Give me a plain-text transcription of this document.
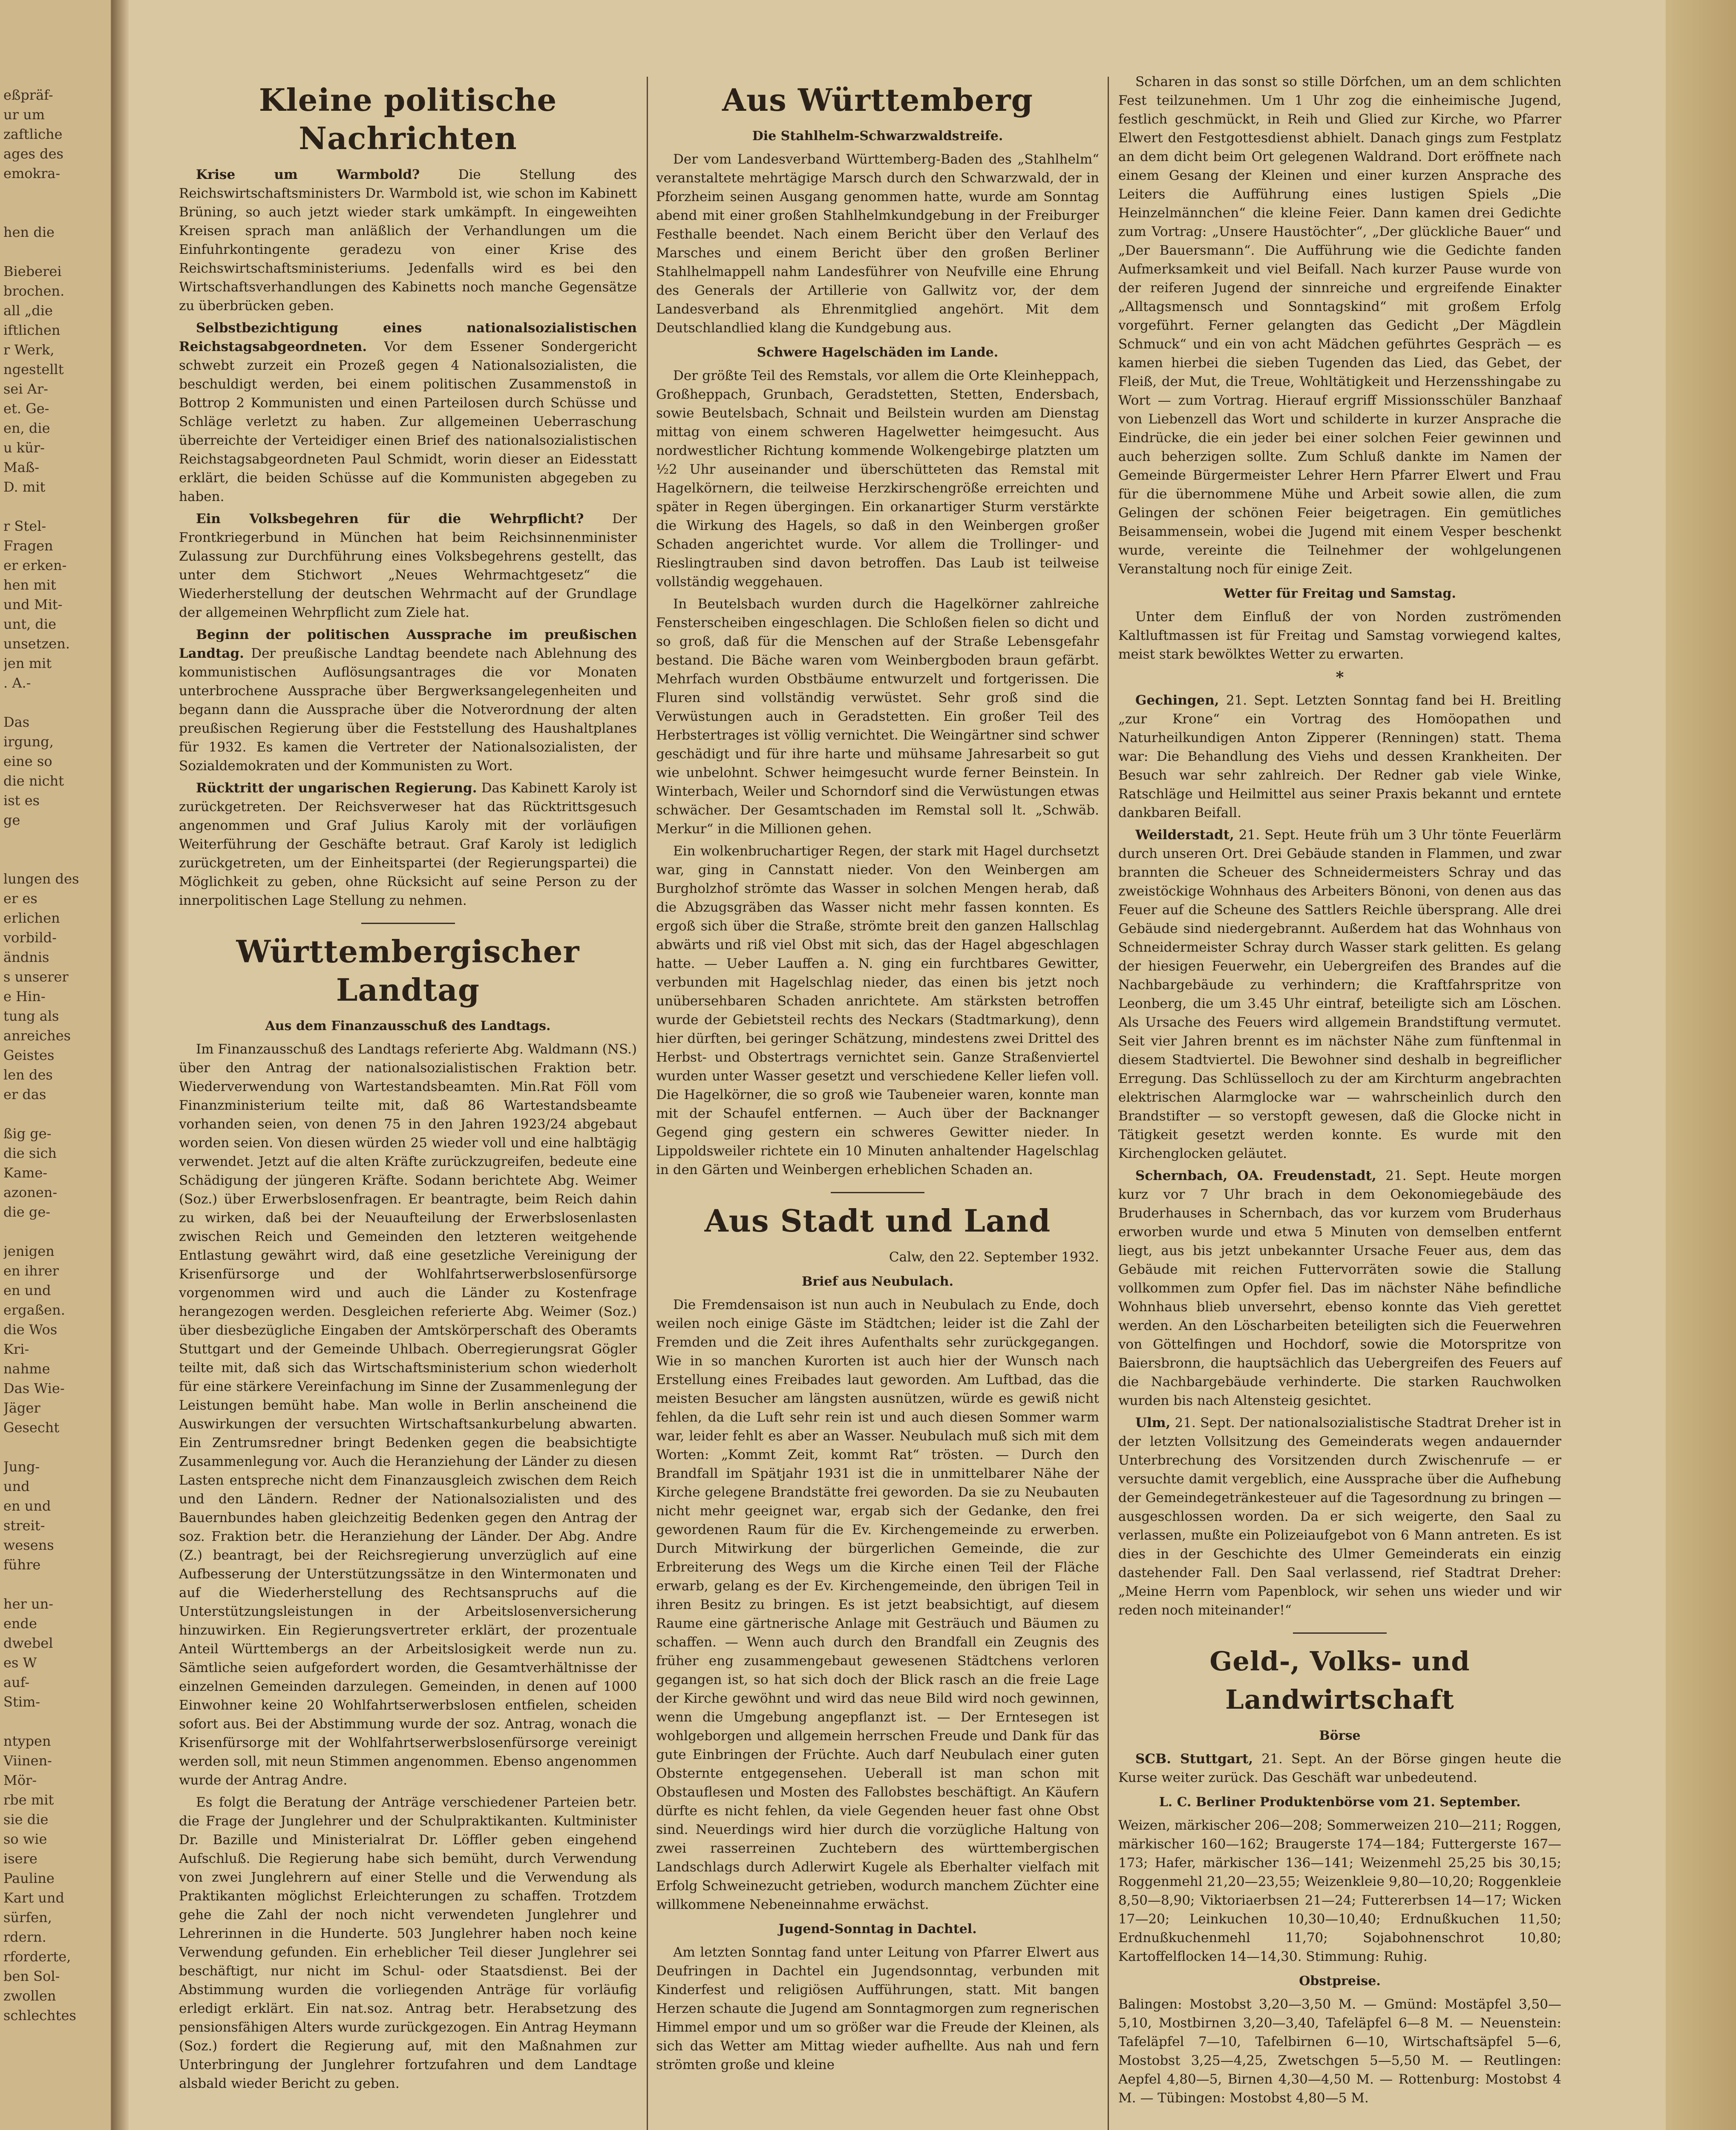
eßpräf-
ur um
zaftliche
ages des
emokra-

hen die

Bieberei
brochen.
all „die
iftlichen
r Werk,
ngestellt
sei Ar-
et. Ge-
en, die
u kür-
Maß-
D. mit

r Stel-
Fragen
er erken-
hen mit
und Mit-
unt, die
unsetzen.
jen mit
. A.-

Das
irgung,
eine so
die nicht
ist es
ge

lungen des
er es
erlichen
vorbild-
ändnis
s unserer
e Hin-
tung als
anreiches
Geistes
len des
er das

ßig ge-
die sich
Kame-
azonen-
die ge-

jenigen
en ihrer
en und
ergaßen.
die Wos
Kri-
nahme
Das Wie-
Jäger
Gesecht

Jung-
und
en und
streit-
wesens
führe

her un-
ende
dwebel
es W
auf-
Stim-

ntypen
Viinen-
Mör-
rbe mit
sie die
so wie
isere
Pauline
Kart und
sürfen,
rdern.
rforderte,
ben Sol-
zwollen
schlechtes
Kleine politische Nachrichten

Krise um Warmbold? Die Stellung des Reichswirtschaftsministers Dr. Warmbold ist, wie schon im Kabinett Brüning, so auch jetzt wieder stark umkämpft. In eingeweihten Kreisen sprach man anläßlich der Verhandlungen um die Einfuhrkontingente geradezu von einer Krise des Reichswirtschaftsministeriums. Jedenfalls wird es bei den Wirtschaftsverhandlungen des Kabinetts noch manche Gegensätze zu überbrücken geben.

Selbstbezichtigung eines nationalsozialistischen Reichstagsabgeordneten. Vor dem Essener Sondergericht schwebt zurzeit ein Prozeß gegen 4 Nationalsozialisten, die beschuldigt werden, bei einem politischen Zusammenstoß in Bottrop 2 Kommunisten und einen Parteilosen durch Schüsse und Schläge verletzt zu haben. Zur allgemeinen Ueberraschung überreichte der Verteidiger einen Brief des nationalsozialistischen Reichstagsabgeordneten Paul Schmidt, worin dieser an Eidesstatt erklärt, die beiden Schüsse auf die Kommunisten abgegeben zu haben.

Ein Volksbegehren für die Wehrpflicht? Der Frontkriegerbund in München hat beim Reichsinnenminister Zulassung zur Durchführung eines Volksbegehrens gestellt, das unter dem Stichwort „Neues Wehrmachtgesetz“ die Wiederherstellung der deutschen Wehrmacht auf der Grundlage der allgemeinen Wehrpflicht zum Ziele hat.

Beginn der politischen Aussprache im preußischen Landtag. Der preußische Landtag beendete nach Ablehnung des kommunistischen Auflösungsantrages die vor Monaten unterbrochene Aussprache über Bergwerksangelegenheiten und begann dann die Aussprache über die Notverordnung der alten preußischen Regierung über die Feststellung des Haushaltplanes für 1932. Es kamen die Vertreter der Nationalsozialisten, der Sozialdemokraten und der Kommunisten zu Wort.

Rücktritt der ungarischen Regierung. Das Kabinett Karoly ist zurückgetreten. Der Reichsverweser hat das Rücktrittsgesuch angenommen und Graf Julius Karoly mit der vorläufigen Weiterführung der Geschäfte betraut. Graf Karoly ist lediglich zurückgetreten, um der Einheitspartei (der Regierungspartei) die Möglichkeit zu geben, ohne Rücksicht auf seine Person zu der innerpolitischen Lage Stellung zu nehmen.

Württembergischer Landtag
Aus dem Finanzausschuß des Landtags.

Im Finanzausschuß des Landtags referierte Abg. Waldmann (NS.) über den Antrag der nationalsozialistischen Fraktion betr. Wiederverwendung von Wartestandsbeamten. Min.Rat Föll vom Finanzministerium teilte mit, daß 86 Wartestandsbeamte vorhanden seien, von denen 75 in den Jahren 1923/24 abgebaut worden seien. Von diesen würden 25 wieder voll und eine halbtägig verwendet. Jetzt auf die alten Kräfte zurückzugreifen, bedeute eine Schädigung der jüngeren Kräfte. Sodann berichtete Abg. Weimer (Soz.) über Erwerbslosenfragen. Er beantragte, beim Reich dahin zu wirken, daß bei der Neuaufteilung der Erwerbslosenlasten zwischen Reich und Gemeinden den letzteren weitgehende Entlastung gewährt wird, daß eine gesetzliche Vereinigung der Krisenfürsorge und der Wohlfahrtserwerbslosenfürsorge vorgenommen wird und auch die Länder zu Kostenfrage herangezogen werden. Desgleichen referierte Abg. Weimer (Soz.) über diesbezügliche Eingaben der Amtskörperschaft des Oberamts Stuttgart und der Gemeinde Uhlbach. Oberregierungsrat Gögler teilte mit, daß sich das Wirtschaftsministerium schon wiederholt für eine stärkere Vereinfachung im Sinne der Zusammenlegung der Leistungen bemüht habe. Man wolle in Berlin anscheinend die Auswirkungen der versuchten Wirtschaftsankurbelung abwarten. Ein Zentrumsredner bringt Bedenken gegen die beabsichtigte Zusammenlegung vor. Auch die Heranziehung der Länder zu diesen Lasten entspreche nicht dem Finanzausgleich zwischen dem Reich und den Ländern. Redner der Nationalsozialisten und des Bauernbundes haben gleichzeitig Bedenken gegen den Antrag der soz. Fraktion betr. die Heranziehung der Länder. Der Abg. Andre (Z.) beantragt, bei der Reichsregierung unverzüglich auf eine Aufbesserung der Unterstützungssätze in den Wintermonaten und auf die Wiederherstellung des Rechtsanspruchs auf die Unterstützungsleistungen in der Arbeitslosenversicherung hinzuwirken. Ein Regierungsvertreter erklärt, der prozentuale Anteil Württembergs an der Arbeitslosigkeit werde nun zu. Sämtliche seien aufgefordert worden, die Gesamtverhältnisse der einzelnen Gemeinden darzulegen. Gemeinden, in denen auf 1000 Einwohner keine 20 Wohlfahrtserwerbslosen entfielen, scheiden sofort aus. Bei der Abstimmung wurde der soz. Antrag, wonach die Krisenfürsorge mit der Wohlfahrtserwerbslosenfürsorge vereinigt werden soll, mit neun Stimmen angenommen. Ebenso angenommen wurde der Antrag Andre.

Es folgt die Beratung der Anträge verschiedener Parteien betr. die Frage der Junglehrer und der Schulpraktikanten. Kultminister Dr. Bazille und Ministerialrat Dr. Löffler geben eingehend Aufschluß. Die Regierung habe sich bemüht, durch Verwendung von zwei Junglehrern auf einer Stelle und die Verwendung als Praktikanten möglichst Erleichterungen zu schaffen. Trotzdem gehe die Zahl der noch nicht verwendeten Junglehrer und Lehrerinnen in die Hunderte. 503 Junglehrer haben noch keine Verwendung gefunden. Ein erheblicher Teil dieser Junglehrer sei beschäftigt, nur nicht im Schul- oder Staatsdienst. Bei der Abstimmung wurden die vorliegenden Anträge für vorläufig erledigt erklärt. Ein nat.soz. Antrag betr. Herabsetzung des pensionsfähigen Alters wurde zurückgezogen. Ein Antrag Heymann (Soz.) fordert die Regierung auf, mit den Maßnahmen zur Unterbringung der Junglehrer fortzufahren und dem Landtage alsbald wieder Bericht zu geben.

Aus Württemberg
Die Stahlhelm-Schwarzwaldstreife.

Der vom Landesverband Württemberg-Baden des „Stahlhelm“ veranstaltete mehrtägige Marsch durch den Schwarzwald, der in Pforzheim seinen Ausgang genommen hatte, wurde am Sonntag abend mit einer großen Stahlhelmkundgebung in der Freiburger Festhalle beendet. Nach einem Bericht über den Verlauf des Marsches und einem Bericht über den großen Berliner Stahlhelmappell nahm Landesführer von Neufville eine Ehrung des Generals der Artillerie von Gallwitz vor, der dem Landesverband als Ehrenmitglied angehört. Mit dem Deutschlandlied klang die Kundgebung aus.

Schwere Hagelschäden im Lande.

Der größte Teil des Remstals, vor allem die Orte Kleinheppach, Großheppach, Grunbach, Geradstetten, Stetten, Endersbach, sowie Beutelsbach, Schnait und Beilstein wurden am Dienstag mittag von einem schweren Hagelwetter heimgesucht. Aus nordwestlicher Richtung kommende Wolkengebirge platzten um ½2 Uhr auseinander und überschütteten das Remstal mit Hagelkörnern, die teilweise Herzkirschengröße erreichten und später in Regen übergingen. Ein orkanartiger Sturm verstärkte die Wirkung des Hagels, so daß in den Weinbergen großer Schaden angerichtet wurde. Vor allem die Trollinger- und Rieslingtrauben sind davon betroffen. Das Laub ist teilweise vollständig weggehauen.

In Beutelsbach wurden durch die Hagelkörner zahlreiche Fensterscheiben eingeschlagen. Die Schloßen fielen so dicht und so groß, daß für die Menschen auf der Straße Lebensgefahr bestand. Die Bäche waren vom Weinbergboden braun gefärbt. Mehrfach wurden Obstbäume entwurzelt und fortgerissen. Die Fluren sind vollständig verwüstet. Sehr groß sind die Verwüstungen auch in Geradstetten. Ein großer Teil des Herbstertrages ist völlig vernichtet. Die Weingärtner sind schwer geschädigt und für ihre harte und mühsame Jahresarbeit so gut wie unbelohnt. Schwer heimgesucht wurde ferner Beinstein. In Winterbach, Weiler und Schorndorf sind die Verwüstungen etwas schwächer. Der Gesamtschaden im Remstal soll lt. „Schwäb. Merkur“ in die Millionen gehen.

Ein wolkenbruchartiger Regen, der stark mit Hagel durchsetzt war, ging in Cannstatt nieder. Von den Weinbergen am Burgholzhof strömte das Wasser in solchen Mengen herab, daß die Abzugsgräben das Wasser nicht mehr fassen konnten. Es ergoß sich über die Straße, strömte breit den ganzen Hallschlag abwärts und riß viel Obst mit sich, das der Hagel abgeschlagen hatte. — Ueber Lauffen a. N. ging ein furchtbares Gewitter, verbunden mit Hagelschlag nieder, das einen bis jetzt noch unübersehbaren Schaden anrichtete. Am stärksten betroffen wurde der Gebietsteil rechts des Neckars (Stadtmarkung), denn hier dürften, bei geringer Schätzung, mindestens zwei Drittel des Herbst- und Obstertrags vernichtet sein. Ganze Straßenviertel wurden unter Wasser gesetzt und verschiedene Keller liefen voll. Die Hagelkörner, die so groß wie Taubeneier waren, konnte man mit der Schaufel entfernen. — Auch über der Backnanger Gegend ging gestern ein schweres Gewitter nieder. In Lippoldsweiler richtete ein 10 Minuten anhaltender Hagelschlag in den Gärten und Weinbergen erheblichen Schaden an.

Aus Stadt und Land

Calw, den 22. September 1932.

Brief aus Neubulach.

Die Fremdensaison ist nun auch in Neubulach zu Ende, doch weilen noch einige Gäste im Städtchen; leider ist die Zahl der Fremden und die Zeit ihres Aufenthalts sehr zurückgegangen. Wie in so manchen Kurorten ist auch hier der Wunsch nach Erstellung eines Freibades laut geworden. Am Luftbad, das die meisten Besucher am längsten ausnützen, würde es gewiß nicht fehlen, da die Luft sehr rein ist und auch diesen Sommer warm war, leider fehlt es aber an Wasser. Neubulach muß sich mit dem Worten: „Kommt Zeit, kommt Rat“ trösten. — Durch den Brandfall im Spätjahr 1931 ist die in unmittelbarer Nähe der Kirche gelegene Brandstätte frei geworden. Da sie zu Neubauten nicht mehr geeignet war, ergab sich der Gedanke, den frei gewordenen Raum für die Ev. Kirchengemeinde zu erwerben. Durch Mitwirkung der bürgerlichen Gemeinde, die zur Erbreiterung des Wegs um die Kirche einen Teil der Fläche erwarb, gelang es der Ev. Kirchengemeinde, den übrigen Teil in ihren Besitz zu bringen. Es ist jetzt beabsichtigt, auf diesem Raume eine gärtnerische Anlage mit Gesträuch und Bäumen zu schaffen. — Wenn auch durch den Brandfall ein Zeugnis des früher eng zusammengebaut gewesenen Städtchens verloren gegangen ist, so hat sich doch der Blick rasch an die freie Lage der Kirche gewöhnt und wird das neue Bild wird noch gewinnen, wenn die Umgebung angepflanzt ist. — Der Erntesegen ist wohlgeborgen und allgemein herrschen Freude und Dank für das gute Einbringen der Früchte. Auch darf Neubulach einer guten Obsternte entgegensehen. Ueberall ist man schon mit Obstauflesen und Mosten des Fallobstes beschäftigt. An Käufern dürfte es nicht fehlen, da viele Gegenden heuer fast ohne Obst sind. Neuerdings wird hier durch die vorzügliche Haltung von zwei rasserreinen Zuchtebern des württembergischen Landschlags durch Adlerwirt Kugele als Eberhalter vielfach mit Erfolg Schweinezucht getrieben, wodurch manchem Züchter eine willkommene Nebeneinnahme erwächst.

Jugend-Sonntag in Dachtel.

Am letzten Sonntag fand unter Leitung von Pfarrer Elwert aus Deufringen in Dachtel ein Jugendsonntag, verbunden mit Kinderfest und religiösen Aufführungen, statt. Mit bangen Herzen schaute die Jugend am Sonntagmorgen zum regnerischen Himmel empor und um so größer war die Freude der Kleinen, als sich das Wetter am Mittag wieder aufhellte. Aus nah und fern strömten große und kleine

Scharen in das sonst so stille Dörfchen, um an dem schlichten Fest teilzunehmen. Um 1 Uhr zog die einheimische Jugend, festlich geschmückt, in Reih und Glied zur Kirche, wo Pfarrer Elwert den Festgottesdienst abhielt. Danach gings zum Festplatz an dem dicht beim Ort gelegenen Waldrand. Dort eröffnete nach einem Gesang der Kleinen und einer kurzen Ansprache des Leiters die Aufführung eines lustigen Spiels „Die Heinzelmännchen“ die kleine Feier. Dann kamen drei Gedichte zum Vortrag: „Unsere Haustöchter“, „Der glückliche Bauer“ und „Der Bauersmann“. Die Aufführung wie die Gedichte fanden Aufmerksamkeit und viel Beifall. Nach kurzer Pause wurde von der reiferen Jugend der sinnreiche und ergreifende Einakter „Alltagsmensch und Sonntagskind“ mit großem Erfolg vorgeführt. Ferner gelangten das Gedicht „Der Mägdlein Schmuck“ und ein von acht Mädchen geführtes Gespräch — es kamen hierbei die sieben Tugenden das Lied, das Gebet, der Fleiß, der Mut, die Treue, Wohltätigkeit und Herzensshingabe zu Wort — zum Vortrag. Hierauf ergriff Missionsschüler Banzhaaf von Liebenzell das Wort und schilderte in kurzer Ansprache die Eindrücke, die ein jeder bei einer solchen Feier gewinnen und auch beherzigen sollte. Zum Schluß dankte im Namen der Gemeinde Bürgermeister Lehrer Hern Pfarrer Elwert und Frau für die übernommene Mühe und Arbeit sowie allen, die zum Gelingen der schönen Feier beigetragen. Ein gemütliches Beisammensein, wobei die Jugend mit einem Vesper beschenkt wurde, vereinte die Teilnehmer der wohlgelungenen Veranstaltung noch für einige Zeit.

Wetter für Freitag und Samstag.

Unter dem Einfluß der von Norden zuströmenden Kaltluftmassen ist für Freitag und Samstag vorwiegend kaltes, meist stark bewölktes Wetter zu erwarten.

*

Gechingen, 21. Sept. Letzten Sonntag fand bei H. Breitling „zur Krone“ ein Vortrag des Homöopathen und Naturheilkundigen Anton Zipperer (Renningen) statt. Thema war: Die Behandlung des Viehs und dessen Krankheiten. Der Besuch war sehr zahlreich. Der Redner gab viele Winke, Ratschläge und Heilmittel aus seiner Praxis bekannt und erntete dankbaren Beifall.

Weilderstadt, 21. Sept. Heute früh um 3 Uhr tönte Feuerlärm durch unseren Ort. Drei Gebäude standen in Flammen, und zwar brannten die Scheuer des Schneidermeisters Schray und das zweistöckige Wohnhaus des Arbeiters Bönoni, von denen aus das Feuer auf die Scheune des Sattlers Reichle übersprang. Alle drei Gebäude sind niedergebrannt. Außerdem hat das Wohnhaus von Schneidermeister Schray durch Wasser stark gelitten. Es gelang der hiesigen Feuerwehr, ein Uebergreifen des Brandes auf die Nachbargebäude zu verhindern; die Kraftfahrspritze von Leonberg, die um 3.45 Uhr eintraf, beteiligte sich am Löschen. Als Ursache des Feuers wird allgemein Brandstiftung vermutet. Seit vier Jahren brennt es im nächster Nähe zum fünftenmal in diesem Stadtviertel. Die Bewohner sind deshalb in begreiflicher Erregung. Das Schlüsselloch zu der am Kirchturm angebrachten elektrischen Alarmglocke war — wahrscheinlich durch den Brandstifter — so verstopft gewesen, daß die Glocke nicht in Tätigkeit gesetzt werden konnte. Es wurde mit den Kirchenglocken geläutet.

Schernbach, OA. Freudenstadt, 21. Sept. Heute morgen kurz vor 7 Uhr brach in dem Oekonomiegebäude des Bruderhauses in Schernbach, das vor kurzem vom Bruderhaus erworben wurde und etwa 5 Minuten von demselben entfernt liegt, aus bis jetzt unbekannter Ursache Feuer aus, dem das Gebäude mit reichen Futtervorräten sowie die Stallung vollkommen zum Opfer fiel. Das im nächster Nähe befindliche Wohnhaus blieb unversehrt, ebenso konnte das Vieh gerettet werden. An den Löscharbeiten beteiligten sich die Feuerwehren von Göttelfingen und Hochdorf, sowie die Motorspritze von Baiersbronn, die hauptsächlich das Uebergreifen des Feuers auf die Nachbargebäude verhinderte. Die starken Rauchwolken wurden bis nach Altensteig gesichtet.

Ulm, 21. Sept. Der nationalsozialistische Stadtrat Dreher ist in der letzten Vollsitzung des Gemeinderats wegen andauernder Unterbrechung des Vorsitzenden durch Zwischenrufe — er versuchte damit vergeblich, eine Aussprache über die Aufhebung der Gemeindegetränkesteuer auf die Tagesordnung zu bringen — ausgeschlossen worden. Da er sich weigerte, den Saal zu verlassen, mußte ein Polizeiaufgebot von 6 Mann antreten. Es ist dies in der Geschichte des Ulmer Gemeinderats ein einzig dastehender Fall. Den Saal verlassend, rief Stadtrat Dreher: „Meine Herrn vom Papenblock, wir sehen uns wieder und wir reden noch miteinander!“

Geld-, Volks- und Landwirtschaft
Börse

SCB. Stuttgart, 21. Sept. An der Börse gingen heute die Kurse weiter zurück. Das Geschäft war unbedeutend.

L. C. Berliner Produktenbörse vom 21. September.

Weizen, märkischer 206—208; Sommerweizen 210—211; Roggen, märkischer 160—162; Braugerste 174—184; Futtergerste 167—173; Hafer, märkischer 136—141; Weizenmehl 25,25 bis 30,15; Roggenmehl 21,20—23,55; Weizenkleie 9,80—10,20; Roggenkleie 8,50—8,90; Viktoriaerbsen 21—24; Futtererbsen 14—17; Wicken 17—20; Leinkuchen 10,30—10,40; Erdnußkuchen 11,50; Erdnußkuchenmehl 11,70; Sojabohnenschrot 10,80; Kartoffelflocken 14—14,30. Stimmung: Ruhig.

Obstpreise.

Balingen: Mostobst 3,20—3,50 M. — Gmünd: Mostäpfel 3,50—5,10, Mostbirnen 3,20—3,40, Tafeläpfel 6—8 M. — Neuenstein: Tafeläpfel 7—10, Tafelbirnen 6—10, Wirtschaftsäpfel 5—6, Mostobst 3,25—4,25, Zwetschgen 5—5,50 M. — Reutlingen: Aepfel 4,80—5, Birnen 4,30—4,50 M. — Rottenburg: Mostobst 4 M. — Tübingen: Mostobst 4,80—5 M.
